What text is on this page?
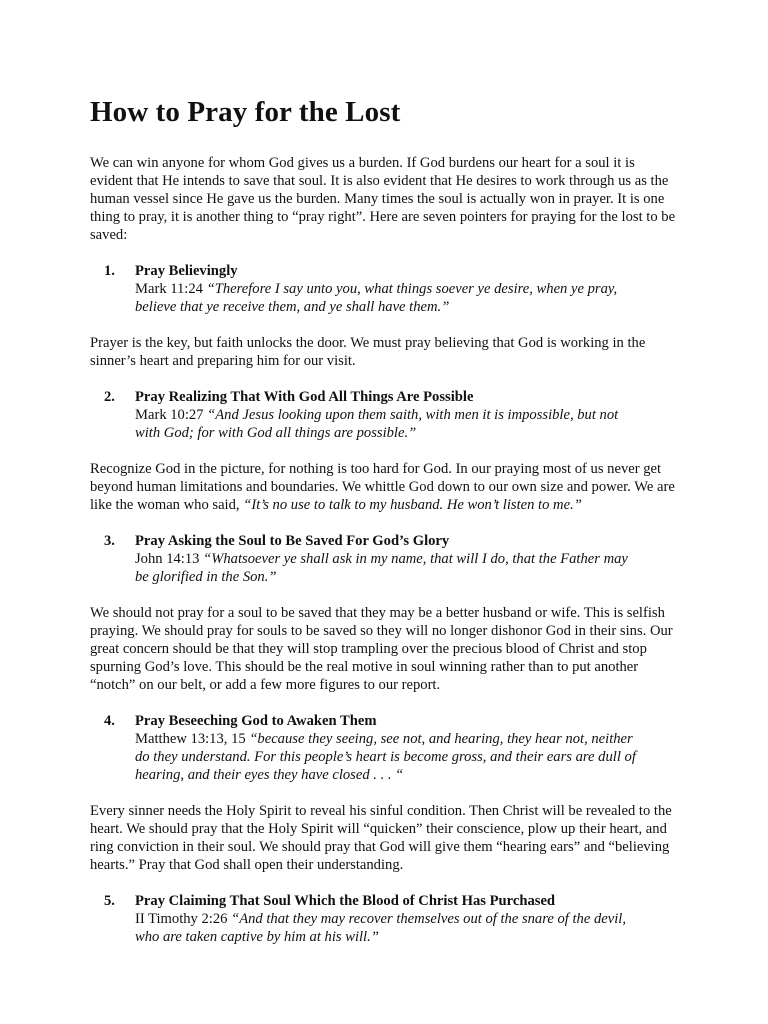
How to Pray for the Lost

We can win anyone for whom God gives us a burden. If God burdens our heart for a soul it is evident that He intends to save that soul. It is also evident that He desires to work through us as the human vessel since He gave us the burden. Many times the soul is actually won in prayer. It is one thing to pray, it is another thing to “pray right”. Here are seven pointers for praying for the lost to be saved:

1.	Pray Believingly
Mark 11:24 “Therefore I say unto you, what things soever ye desire, when ye pray, believe that ye receive them, and ye shall have them.”

Prayer is the key, but faith unlocks the door. We must pray believing that God is working in the sinner’s heart and preparing him for our visit.

2.	Pray Realizing That With God All Things Are Possible
Mark 10:27 “And Jesus looking upon them saith, with men it is impossible, but not with God; for with God all things are possible.”

Recognize God in the picture, for nothing is too hard for God. In our praying most of us never get beyond human limitations and boundaries. We whittle God down to our own size and power. We are like the woman who said, “It’s no use to talk to my husband. He won’t listen to me.”

3.	Pray Asking the Soul to Be Saved For God’s Glory
John 14:13 “Whatsoever ye shall ask in my name, that will I do, that the Father may be glorified in the Son.”

We should not pray for a soul to be saved that they may be a better husband or wife. This is selfish praying. We should pray for souls to be saved so they will no longer dishonor God in their sins. Our great concern should be that they will stop trampling over the precious blood of Christ and stop spurning God’s love. This should be the real motive in soul winning rather than to put another “notch” on our belt, or add a few more figures to our report.

4.	Pray Beseeching God to Awaken Them
Matthew 13:13, 15 “because they seeing, see not, and hearing, they hear not, neither do they understand. For this people’s heart is become gross, and their ears are dull of hearing, and their eyes they have closed . . . “

Every sinner needs the Holy Spirit to reveal his sinful condition. Then Christ will be revealed to the heart. We should pray that the Holy Spirit will “quicken” their conscience, plow up their heart, and ring conviction in their soul. We should pray that God will give them “hearing ears” and “believing hearts.” Pray that God shall open their understanding.

5.	Pray Claiming That Soul Which the Blood of Christ Has Purchased
II Timothy 2:26 “And that they may recover themselves out of the snare of the devil, who are taken captive by him at his will.”
